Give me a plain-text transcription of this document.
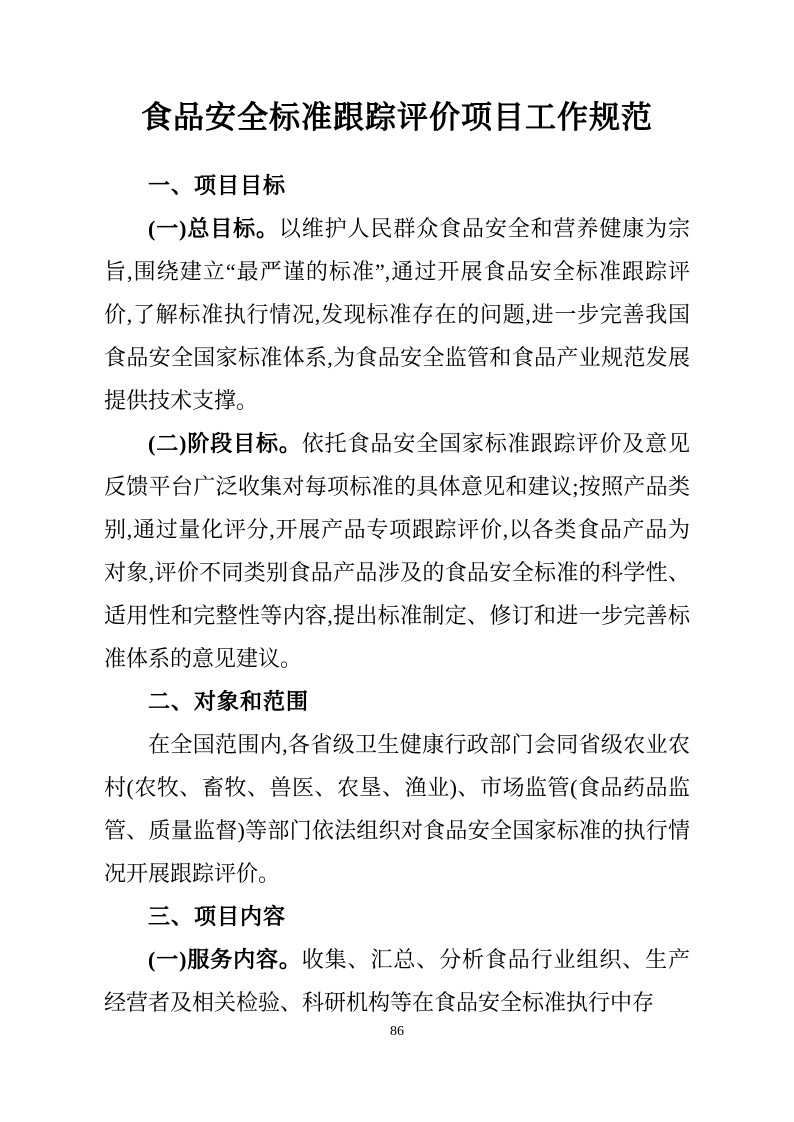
食品安全标准跟踪评价项目工作规范
一、项目目标

(一)总目标。以维护人民群众食品安全和营养健康为宗旨,围绕建立“最严谨的标准”,通过开展食品安全标准跟踪评价,了解标准执行情况,发现标准存在的问题,进一步完善我国食品安全国家标准体系,为食品安全监管和食品产业规范发展提供技术支撑。

(二)阶段目标。依托食品安全国家标准跟踪评价及意见反馈平台广泛收集对每项标准的具体意见和建议;按照产品类别,通过量化评分,开展产品专项跟踪评价,以各类食品产品为对象,评价不同类别食品产品涉及的食品安全标准的科学性、适用性和完整性等内容,提出标准制定、修订和进一步完善标准体系的意见建议。

二、对象和范围

在全国范围内,各省级卫生健康行政部门会同省级农业农村(农牧、畜牧、兽医、农垦、渔业)、市场监管(食品药品监管、质量监督)等部门依法组织对食品安全国家标准的执行情况开展跟踪评价。

三、项目内容

(一)服务内容。收集、汇总、分析食品行业组织、生产经营者及相关检验、科研机构等在食品安全标准执行中存

86
